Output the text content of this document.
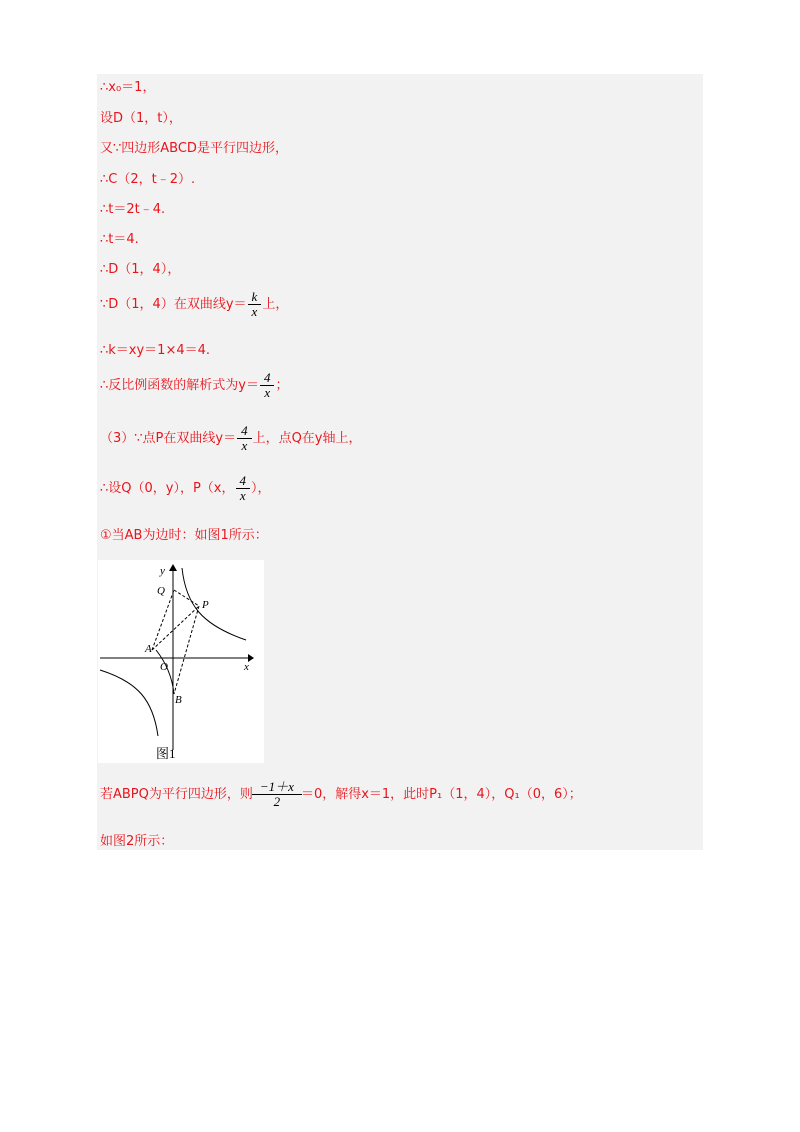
∴x₀＝1，
设D（1，t），
又∵四边形ABCD是平行四边形，
∴C（2，t﹣2）.
∴t＝2t﹣4.
∴t＝4.
∴D（1，4），
∵D（1，4）在双曲线$y= \frac{k}{x}$ 上，
∴k＝xy＝1×4＝4.
∴反比例函数的解析式为$y= \frac{4}{x}$ ；
（3）∵点P在双曲线$y= \frac{4}{x}$ 上，点Q在y轴上，
∴设Q（0，y），P（x， $\frac{4}{x}$ ），
①当AB为边时：如图1所示：
y
x
Q
P
A
O
B
图1
若ABPQ为平行四边形，则 $\frac{-1+x}{2} =0$，解得x＝1，此时P₁（1，4），Q₁（0，6）；
如图2所示：
